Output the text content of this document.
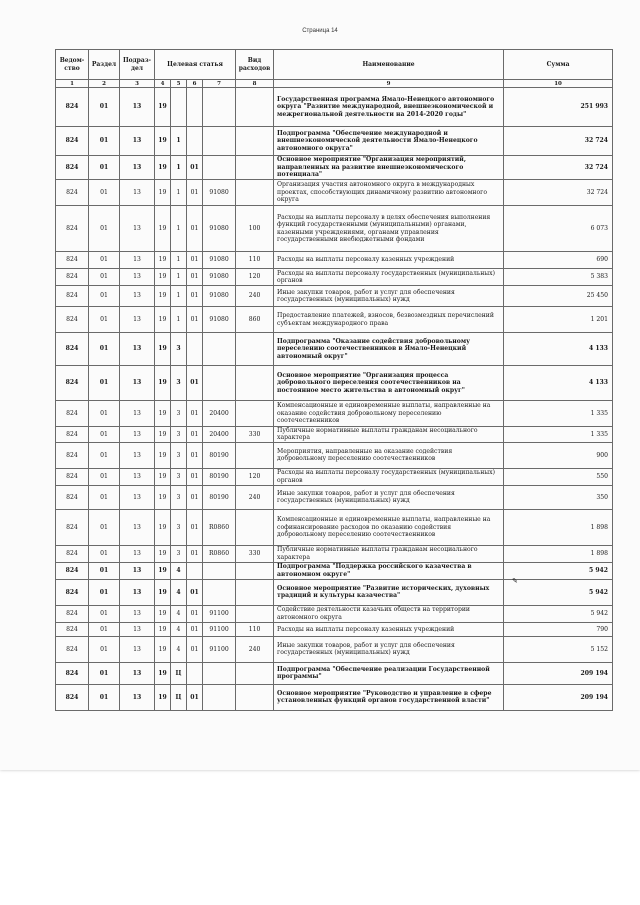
Страница 14
Ведом-ство	Раздел	Подраз-дел	Целевая статья				Вид расходов	Наименование	Сумма
1	2	3	4	5	6	7	8	9	10
824	01	13	19					Государственная программа Ямало-Ненецкого автономного округа "Развитие международной, внешнеэкономической и межрегиональной деятельности на 2014-2020 годы"	251 993
824	01	13	19	1				Подпрограмма "Обеспечение международной и внешнеэкономической деятельности Ямало-Ненецкого автономного округа"	32 724
824	01	13	19	1	01			Основное мероприятие "Организация мероприятий, направленных на развитие внешнеэкономического потенциала"	32 724
824	01	13	19	1	01	91080		Организация участия автономного округа в международных проектах, способствующих динамичному развитию автономного округа	32 724
824	01	13	19	1	01	91080	100	Расходы на выплаты персоналу в целях обеспечения выполнения функций государственными (муниципальными) органами, казенными учреждениями, органами управления государственными внебюджетными фондами	6 073
824	01	13	19	1	01	91080	110	Расходы на выплаты персоналу казенных учреждений	690
824	01	13	19	1	01	91080	120	Расходы на выплаты персоналу государственных (муниципальных) органов	5 383
824	01	13	19	1	01	91080	240	Иные закупки товаров, работ и услуг для обеспечения государственных (муниципальных) нужд	25 450
824	01	13	19	1	01	91080	860	Предоставление платежей, взносов, безвозмездных перечислений субъектам международного права	1 201
824	01	13	19	3				Подпрограмма "Оказание содействия добровольному переселению соотечественников в Ямало-Ненецкий автономный округ"	4 133
824	01	13	19	3	01			Основное мероприятие "Организация процесса добровольного переселения соотечественников на постоянное место жительства в автономный округ"	4 133
824	01	13	19	3	01	20400		Компенсационные и единовременные выплаты, направленные на оказание содействия добровольному переселению соотечественников	1 335
824	01	13	19	3	01	20400	330	Публичные нормативные выплаты гражданам несоциального характера	1 335
824	01	13	19	3	01	80190		Мероприятия, направленные на оказание содействия добровольному переселению соотечественников	900
824	01	13	19	3	01	80190	120	Расходы на выплаты персоналу государственных (муниципальных) органов	550
824	01	13	19	3	01	80190	240	Иные закупки товаров, работ и услуг для обеспечения государственных (муниципальных) нужд	350
824	01	13	19	3	01	R0860		Компенсационные и единовременные выплаты, направленные на софинансирование расходов по оказанию содействия добровольному переселению соотечественников	1 898
824	01	13	19	3	01	R0860	330	Публичные нормативные выплаты гражданам несоциального характера	1 898
824	01	13	19	4				Подпрограмма "Поддержка российского казачества в автономном округе"	5 942
824	01	13	19	4	01			Основное мероприятие "Развитие исторических, духовных традиций и культуры казачества"	5 942
824	01	13	19	4	01	91100		Содействие деятельности казачьих обществ на территории автономного округа	5 942
824	01	13	19	4	01	91100	110	Расходы на выплаты персоналу казенных учреждений	790
824	01	13	19	4	01	91100	240	Иные закупки товаров, работ и услуг для обеспечения государственных (муниципальных) нужд	5 152
824	01	13	19	Ц				Подпрограмма "Обеспечение реализации Государственной программы"	209 194
824	01	13	19	Ц	01			Основное мероприятие "Руководство и управление в сфере установленных функций органов государственной власти"	209 194
✎
